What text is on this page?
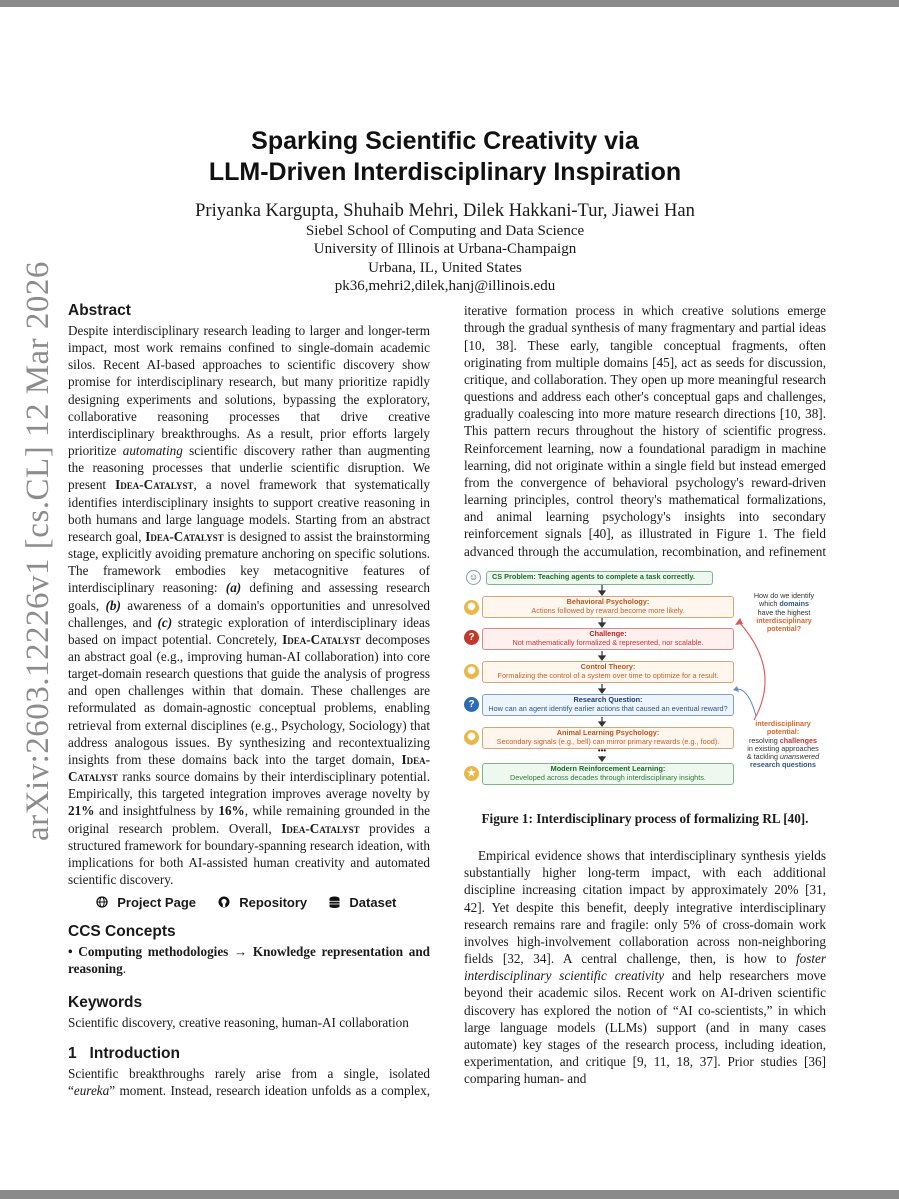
arXiv:2603.12226v1 [cs.CL] 12 Mar 2026
Sparking Scientific Creativity via
LLM-Driven Interdisciplinary Inspiration
Priyanka Kargupta, Shuhaib Mehri, Dilek Hakkani-Tur, Jiawei Han
Siebel School of Computing and Data Science
University of Illinois at Urbana-Champaign
Urbana, IL, United States
pk36,mehri2,dilek,hanj@illinois.edu
Abstract

Despite interdisciplinary research leading to larger and longer-term impact, most work remains confined to single-domain academic silos. Recent AI-based approaches to scientific discovery show promise for interdisciplinary research, but many prioritize rapidly designing experiments and solutions, bypassing the exploratory, collaborative reasoning processes that drive creative interdisciplinary breakthroughs. As a result, prior efforts largely prioritize automating scientific discovery rather than augmenting the reasoning processes that underlie scientific disruption. We present Idea-Catalyst, a novel framework that systematically identifies interdisciplinary insights to support creative reasoning in both humans and large language models. Starting from an abstract research goal, Idea-Catalyst is designed to assist the brainstorming stage, explicitly avoiding premature anchoring on specific solutions. The framework embodies key metacognitive features of interdisciplinary reasoning: (a) defining and assessing research goals, (b) awareness of a domain's opportunities and unresolved challenges, and (c) strategic exploration of interdisciplinary ideas based on impact potential. Concretely, Idea-Catalyst decomposes an abstract goal (e.g., improving human-AI collaboration) into core target-domain research questions that guide the analysis of progress and open challenges within that domain. These challenges are reformulated as domain-agnostic conceptual problems, enabling retrieval from external disciplines (e.g., Psychology, Sociology) that address analogous issues. By synthesizing and recontextualizing insights from these domains back into the target domain, Idea-Catalyst ranks source domains by their interdisciplinary potential. Empirically, this targeted integration improves average novelty by 21% and insightfulness by 16%, while remaining grounded in the original research problem. Overall, Idea-Catalyst provides a structured framework for boundary-spanning research ideation, with implications for both AI-assisted human creativity and automated scientific discovery.

Project Page	Repository	Dataset
CCS Concepts

• Computing methodologies → Knowledge representation and reasoning.

Keywords

Scientific discovery, creative reasoning, human-AI collaboration

1 Introduction

Scientific breakthroughs rarely arise from a single, isolated “eureka” moment. Instead, research ideation unfolds as a complex,

iterative formation process in which creative solutions emerge through the gradual synthesis of many fragmentary and partial ideas [10, 38]. These early, tangible conceptual fragments, often originating from multiple domains [45], act as seeds for discussion, critique, and collaboration. They open up more meaningful research questions and address each other's conceptual gaps and challenges, gradually coalescing into more mature research directions [10, 38]. This pattern recurs throughout the history of scientific progress. Reinforcement learning, now a foundational paradigm in machine learning, did not originate within a single field but instead emerged from the convergence of behavioral psychology's reward-driven learning principles, control theory's mathematical formalizations, and animal learning psychology's insights into secondary reinforcement signals [40], as illustrated in Figure 1. The field advanced through the accumulation, recombination, and refinement

☺	CS Problem: Teaching agents to complete a task correctly.
✺
Behavioral Psychology:
Actions followed by reward become more likely.
?	Challenge:
Not mathematically formalized & represented, nor scalable.
✺	Control Theory:
Formalizing the control of a system over time to optimize for a result.
?	Research Question:
How can an agent identify earlier actions that caused an eventual reward?
✺	Animal Learning Psychology:
Secondary signals (e.g., bell) can mirror primary rewards (e.g., food).
•••
★	Modern Reinforcement Learning:
Developed across decades through interdisciplinary insights.
How do we identify
which domains
have the highest
interdisciplinary
potential?
interdisciplinary
potential:
resolving challenges
in existing approaches
& tackling unanswered
research questions
Figure 1: Interdisciplinary process of formalizing RL [40].

Empirical evidence shows that interdisciplinary synthesis yields substantially higher long-term impact, with each additional discipline increasing citation impact by approximately 20% [31, 42]. Yet despite this benefit, deeply integrative interdisciplinary research remains rare and fragile: only 5% of cross-domain work involves high-involvement collaboration across non-neighboring fields [32, 34]. A central challenge, then, is how to foster interdisciplinary scientific creativity and help researchers move beyond their academic silos. Recent work on AI-driven scientific discovery has explored the notion of “AI co-scientists,” in which large language models (LLMs) support (and in many cases automate) key stages of the research process, including ideation, experimentation, and critique [9, 11, 18, 37]. Prior studies [36] comparing human- and
